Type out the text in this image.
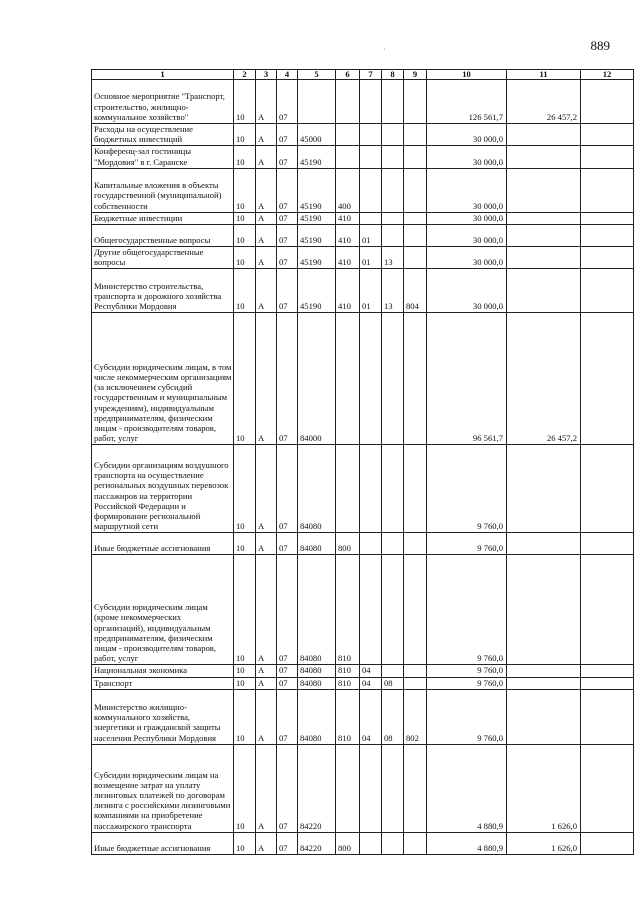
889
·
1	2	3	4	5	6	7	8	9	10	11	12
Основное мероприятие "Транспорт, строительство, жилищно-коммунальное хозяйство"	10	А	07						126 561,7	26 457,2	
Расходы на осуществление бюджетных инвестиций	10	А	07	45000					30 000,0		
Конференц-зал гостиницы "Мордовия" в г. Саранске	10	А	07	45190					30 000,0		
Капитальные вложения в объекты государственной (муниципальной) собственности	10	А	07	45190	400				30 000,0		
Бюджетные инвестиции	10	А	07	45190	410				30 000,0		
Общегосударственные вопросы	10	А	07	45190	410	01			30 000,0		
Другие общегосударственные вопросы	10	А	07	45190	410	01	13		30 000,0		
Министерство строительства, транспорта и дорожного хозяйства Республики Мордовия	10	А	07	45190	410	01	13	804	30 000,0		
Субсидии юридическим лицам, в том числе некоммерческим организациям (за исключением субсидий государственным и муниципальным учреждениям), индивидуальным предпринимателям, физическим лицам - производителям товаров, работ, услуг	10	А	07	84000					96 561,7	26 457,2	
Субсидии организациям воздушного транспорта на осуществление региональных воздушных перевозок пассажиров на территории Российской Федерации и формирование региональной маршрутной сети	10	А	07	84080					9 760,0		
Иные бюджетные ассигнования	10	А	07	84080	800				9 760,0		
Субсидии юридическим лицам (кроме некоммерческих организаций), индивидуальным предпринимателям, физическим лицам - производителям товаров, работ, услуг	10	А	07	84080	810				9 760,0		
Национальная экономика	10	А	07	84080	810	04			9 760,0		
Транспорт	10	А	07	84080	810	04	08		9 760,0		
Министерство жилищно-коммунального хозяйства, энергетики и гражданской защиты населения Республики Мордовия	10	А	07	84080	810	04	08	802	9 760,0		
Субсидии юридическим лицам на возмещение затрат на уплату лизинговых платежей по договорам лизинга с российскими лизинговыми компаниями на приобретение пассажирского транспорта	10	А	07	84220					4 880,9	1 626,0	
Иные бюджетные ассигнования	10	А	07	84220	800				4 880,9	1 626,0	
